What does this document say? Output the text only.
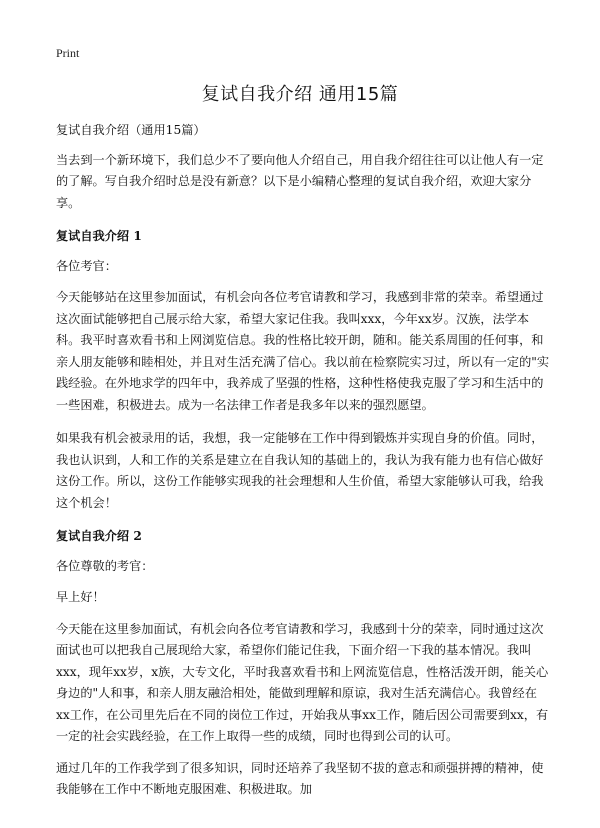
Print
复试自我介绍 通用15篇

复试自我介绍（通用15篇）

当去到一个新环境下，我们总少不了要向他人介绍自己，用自我介绍往往可以让他人有一定的了解。写自我介绍时总是没有新意？以下是小编精心整理的复试自我介绍，欢迎大家分享。

复试自我介绍 1

各位考官：

今天能够站在这里参加面试，有机会向各位考官请教和学习，我感到非常的荣幸。希望通过这次面试能够把自己展示给大家，希望大家记住我。我叫xxx，今年xx岁。汉族，法学本科。我平时喜欢看书和上网浏览信息。我的性格比较开朗，随和。能关系周围的任何事，和亲人朋友能够和睦相处，并且对生活充满了信心。我以前在检察院实习过，所以有一定的"实践经验。在外地求学的四年中，我养成了坚强的性格，这种性格使我克服了学习和生活中的一些困难，积极进去。成为一名法律工作者是我多年以来的强烈愿望。

如果我有机会被录用的话，我想，我一定能够在工作中得到锻炼并实现自身的价值。同时，我也认识到，人和工作的关系是建立在自我认知的基础上的，我认为我有能力也有信心做好这份工作。所以，这份工作能够实现我的社会理想和人生价值，希望大家能够认可我，给我这个机会！

复试自我介绍 2

各位尊敬的考官：

早上好！

今天能在这里参加面试，有机会向各位考官请教和学习，我感到十分的荣幸，同时通过这次面试也可以把我自己展现给大家，希望你们能记住我，下面介绍一下我的基本情况。我叫xxx，现年xx岁，x族，大专文化，平时我喜欢看书和上网流览信息，性格活泼开朗，能关心身边的"人和事，和亲人朋友融洽相处，能做到理解和原谅，我对生活充满信心。我曾经在xx工作，在公司里先后在不同的岗位工作过，开始我从事xx工作，随后因公司需要到xx，有一定的社会实践经验，在工作上取得一些的成绩，同时也得到公司的认可。

通过几年的工作我学到了很多知识，同时还培养了我坚韧不拔的意志和顽强拼搏的精神，使我能够在工作中不断地克服困难、积极进取。加
